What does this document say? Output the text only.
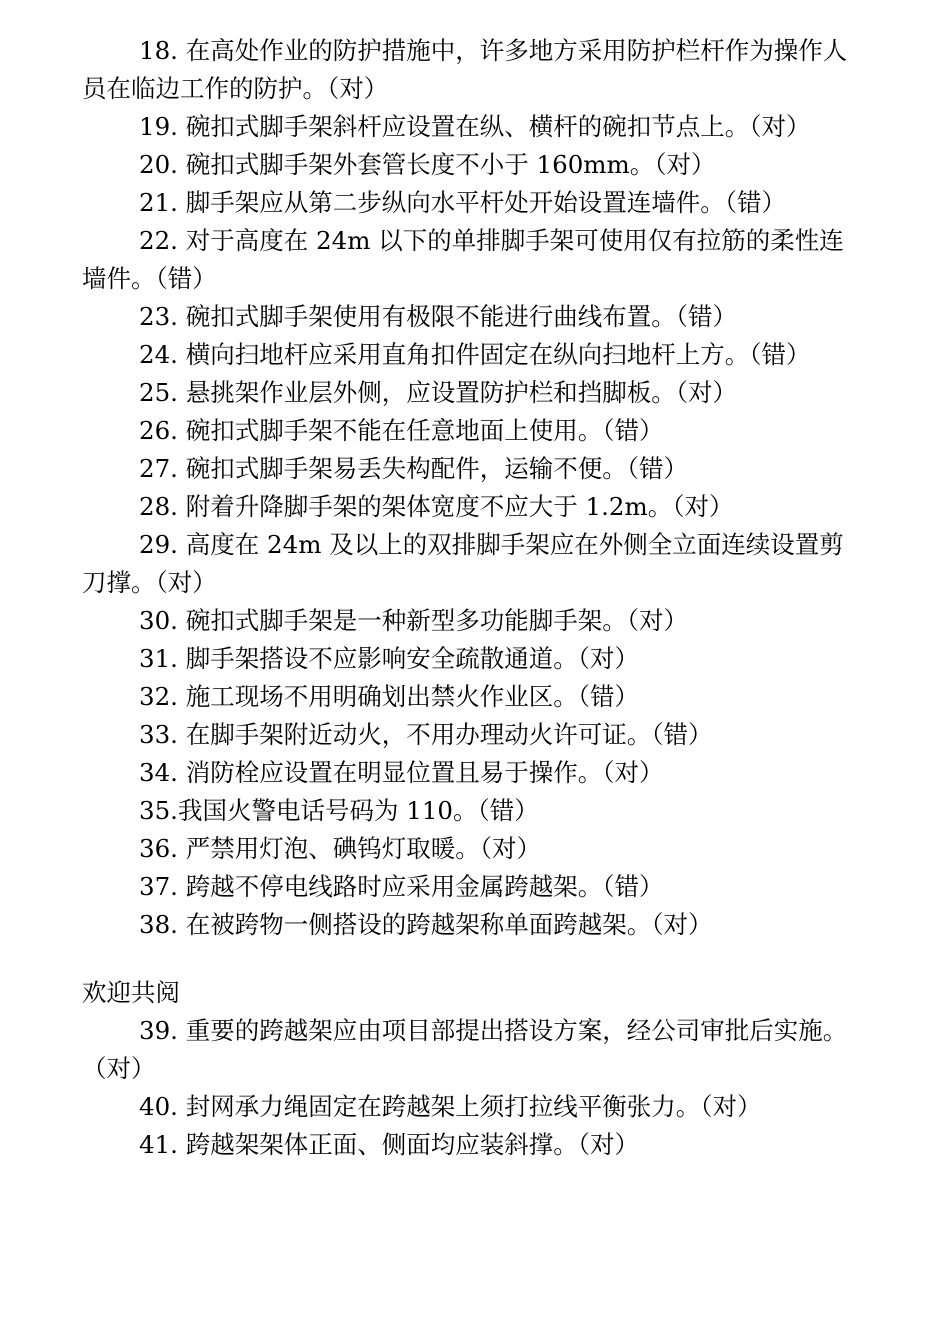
18. 在高处作业的防护措施中，许多地方采用防护栏杆作为操作人员在临边工作的防护。（对）

19. 碗扣式脚手架斜杆应设置在纵、横杆的碗扣节点上。（对）

20. 碗扣式脚手架外套管长度不小于 160mm。（对）

21. 脚手架应从第二步纵向水平杆处开始设置连墙件。（错）

22. 对于高度在 24m 以下的单排脚手架可使用仅有拉筋的柔性连墙件。（错）

23. 碗扣式脚手架使用有极限不能进行曲线布置。（错）

24. 横向扫地杆应采用直角扣件固定在纵向扫地杆上方。（错）

25. 悬挑架作业层外侧，应设置防护栏和挡脚板。（对）

26. 碗扣式脚手架不能在任意地面上使用。（错）

27. 碗扣式脚手架易丢失构配件，运输不便。（错）

28. 附着升降脚手架的架体宽度不应大于 1.2m。（对）

29. 高度在 24m 及以上的双排脚手架应在外侧全立面连续设置剪刀撑。（对）

30. 碗扣式脚手架是一种新型多功能脚手架。（对）

31. 脚手架搭设不应影响安全疏散通道。（对）

32. 施工现场不用明确划出禁火作业区。（错）

33. 在脚手架附近动火，不用办理动火许可证。（错）

34. 消防栓应设置在明显位置且易于操作。（对）

35.我国火警电话号码为 110。（错）

36. 严禁用灯泡、碘钨灯取暖。（对）

37. 跨越不停电线路时应采用金属跨越架。（错）

38. 在被跨物一侧搭设的跨越架称单面跨越架。（对）

欢迎共阅

39. 重要的跨越架应由项目部提出搭设方案，经公司审批后实施。（对）

40. 封网承力绳固定在跨越架上须打拉线平衡张力。（对）

41. 跨越架架体正面、侧面均应装斜撑。（对）
